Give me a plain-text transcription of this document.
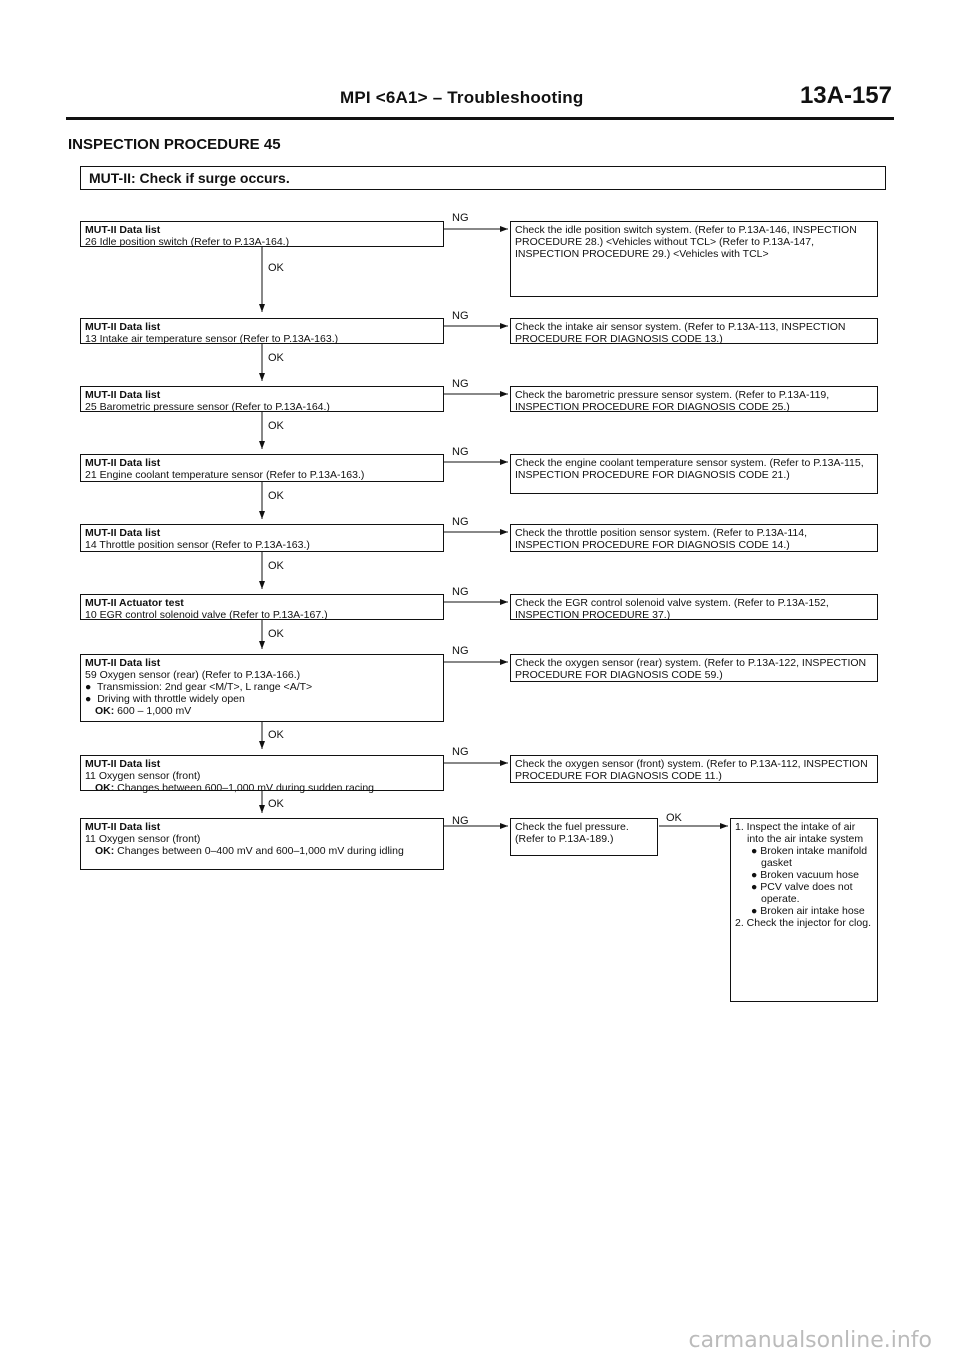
MPI <6A1> – Troubleshooting	13A-157
INSPECTION PROCEDURE 45
MUT-II: Check if surge occurs.
NG
NG
NG
NG
NG
NG
NG
NG
NG	OK
OK
OK
OK
OK
OK
OK
OK
OK
MUT-II Data list
26 Idle position switch (Refer to P.13A-164.)
MUT-II Data list
13 Intake air temperature sensor (Refer to P.13A-163.)
MUT-II Data list
25 Barometric pressure sensor (Refer to P.13A-164.)
MUT-II Data list
21 Engine coolant temperature sensor (Refer to P.13A-163.)
MUT-II Data list
14 Throttle position sensor (Refer to P.13A-163.)
MUT-II Actuator test
10 EGR control solenoid valve (Refer to P.13A-167.)
MUT-II Data list
59 Oxygen sensor (rear) (Refer to P.13A-166.)
●  Transmission: 2nd gear <M/T>, L range <A/T>
●  Driving with throttle widely open
OK: 600 – 1,000 mV
MUT-II Data list
11 Oxygen sensor (front)
OK: Changes between 600–1,000 mV during sudden racing
MUT-II Data list
11 Oxygen sensor (front)
OK: Changes between 0–400 mV and 600–1,000 mV during idling
Check the idle position switch system. (Refer to P.13A-146, INSPECTION PROCEDURE 28.) <Vehicles without TCL> (Refer to P.13A-147, INSPECTION PROCEDURE 29.) <Vehicles with TCL>
Check the intake air sensor system. (Refer to P.13A-113, INSPECTION PROCEDURE FOR DIAGNOSIS CODE 13.)
Check the barometric pressure sensor system. (Refer to P.13A-119, INSPECTION PROCEDURE FOR DIAGNOSIS CODE 25.)
Check the engine coolant temperature sensor system. (Refer to P.13A-115, INSPECTION PROCEDURE FOR DIAGNOSIS CODE 21.)
Check the throttle position sensor system. (Refer to P.13A-114, INSPECTION PROCEDURE FOR DIAGNOSIS CODE 14.)
Check the EGR control solenoid valve system. (Refer to P.13A-152, INSPECTION PROCEDURE 37.)
Check the oxygen sensor (rear) system. (Refer to P.13A-122, INSPECTION PROCEDURE FOR DIAGNOSIS CODE 59.)
Check the oxygen sensor (front) system. (Refer to P.13A-112, INSPECTION PROCEDURE FOR DIAGNOSIS CODE 11.)
Check the fuel pressure. (Refer to P.13A-189.)
1. Inspect the intake of air into the air intake system
● Broken intake manifold gasket
● Broken vacuum hose
● PCV valve does not operate.
● Broken air intake hose
2. Check the injector for clog.
carmanualsonline.info
